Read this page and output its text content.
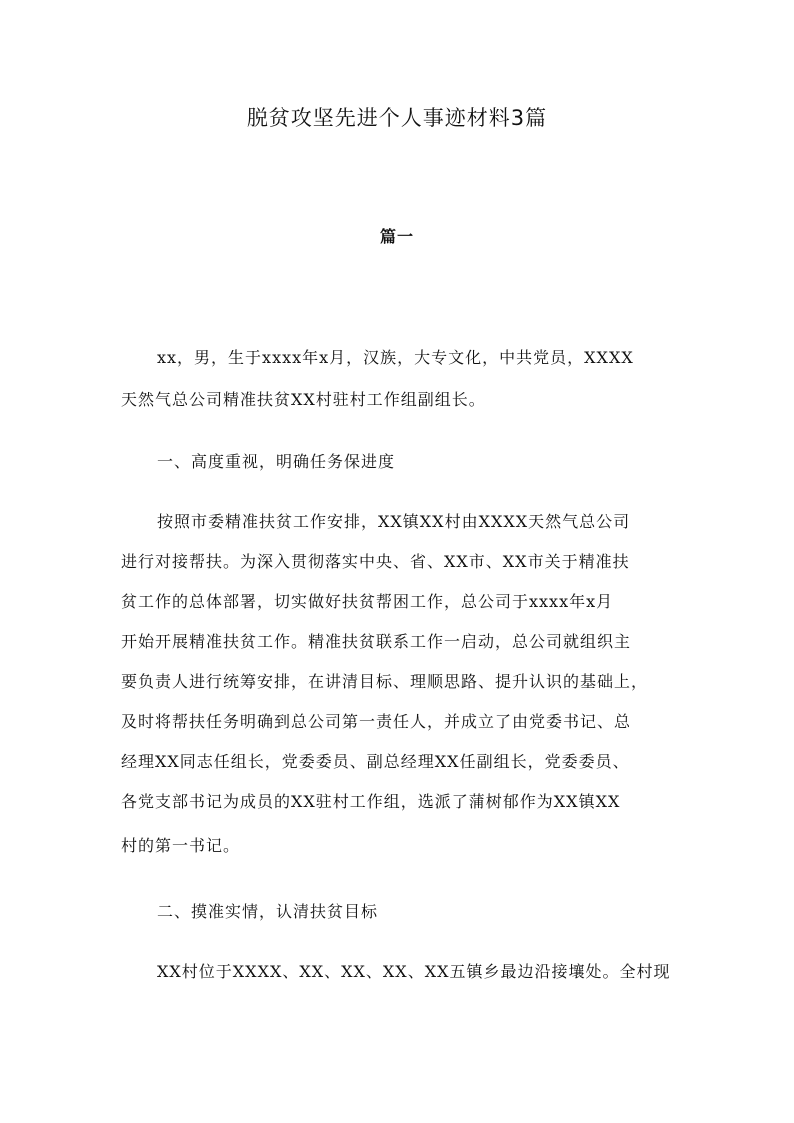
脱贫攻坚先进个人事迹材料3篇
篇一
xx，男，生于xxxx年x月，汉族，大专文化，中共党员，XXXX
天然气总公司精准扶贫XX村驻村工作组副组长。
一、高度重视，明确任务保进度
按照市委精准扶贫工作安排，XX镇XX村由XXXX天然气总公司
进行对接帮扶。为深入贯彻落实中央、省、XX市、XX市关于精准扶
贫工作的总体部署，切实做好扶贫帮困工作，总公司于xxxx年x月
开始开展精准扶贫工作。精准扶贫联系工作一启动，总公司就组织主
要负责人进行统筹安排，在讲清目标、理顺思路、提升认识的基础上，
及时将帮扶任务明确到总公司第一责任人，并成立了由党委书记、总
经理XX同志任组长，党委委员、副总经理XX任副组长，党委委员、
各党支部书记为成员的XX驻村工作组，选派了蒲树郁作为XX镇XX
村的第一书记。
二、摸准实情，认清扶贫目标
XX村位于XXXX、XX、XX、XX、XX五镇乡最边沿接壤处。全村现
